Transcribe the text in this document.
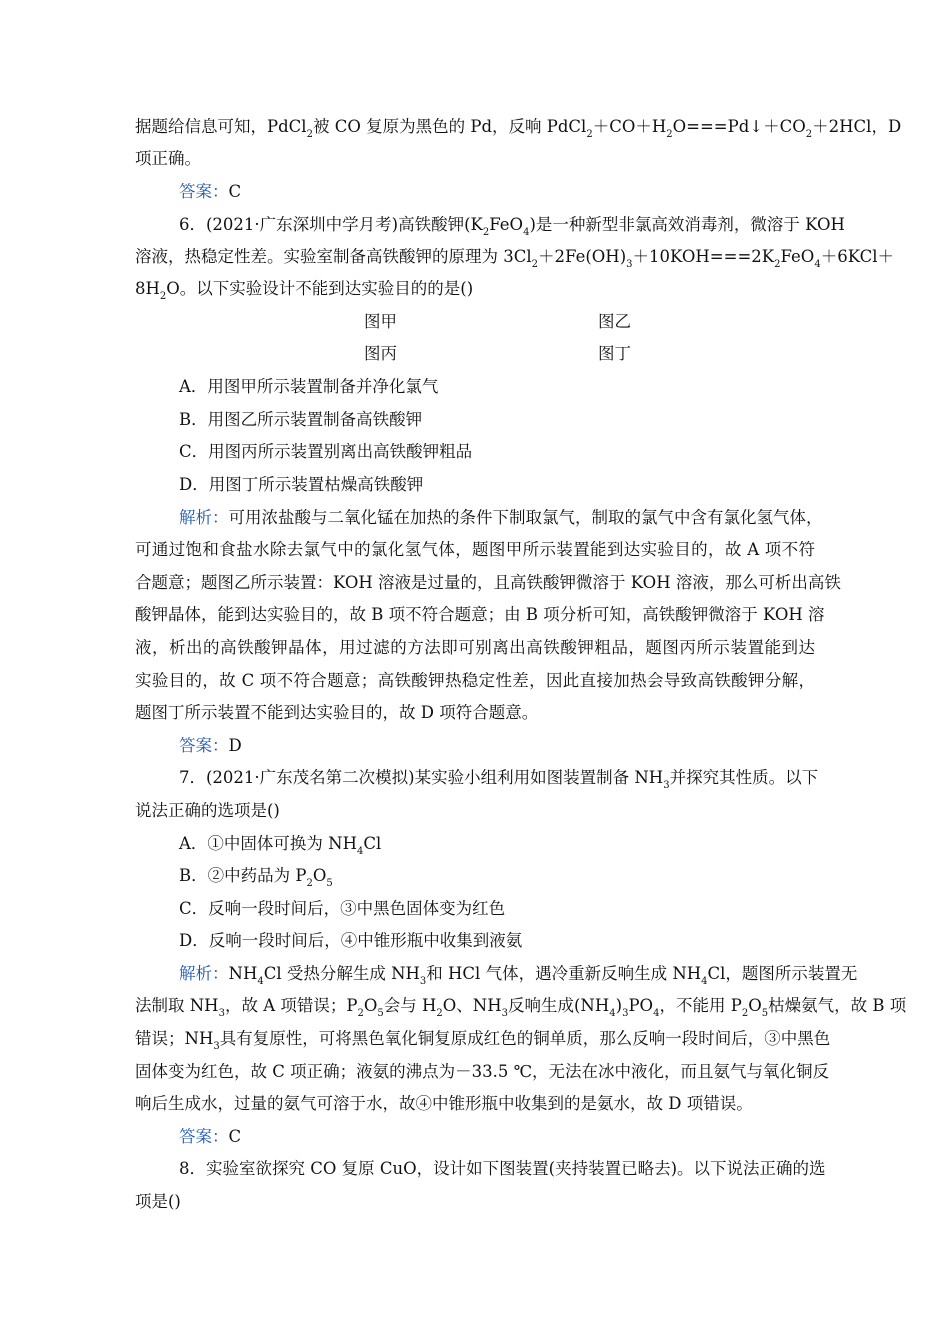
据题给信息可知，PdCl$_2$被 CO 复原为黑色的 Pd，反响 $PdCl_2+CO+H_2O===Pd↓+CO_2+2HCl$，D
项正确。
答案：C
6．(2021·广东深圳中学月考)高铁酸钾$(K_2FeO_4)$是一种新型非氯高效消毒剂，微溶于 KOH
溶液，热稳定性差。实验室制备高铁酸钾的原理为 $3Cl_2+2Fe(OH)_3+10KOH===2K_2FeO_4+6KCl+$
$8H_2O$。以下实验设计不能到达实验目的的是()
图甲	图乙
图丙	图丁
A．用图甲所示装置制备并净化氯气
B．用图乙所示装置制备高铁酸钾
C．用图丙所示装置别离出高铁酸钾粗品
D．用图丁所示装置枯燥高铁酸钾
解析：可用浓盐酸与二氧化锰在加热的条件下制取氯气，制取的氯气中含有氯化氢气体，
可通过饱和食盐水除去氯气中的氯化氢气体，题图甲所示装置能到达实验目的，故 A 项不符
合题意；题图乙所示装置：KOH 溶液是过量的，且高铁酸钾微溶于 KOH 溶液，那么可析出高铁
酸钾晶体，能到达实验目的，故 B 项不符合题意；由 B 项分析可知，高铁酸钾微溶于 KOH 溶
液，析出的高铁酸钾晶体，用过滤的方法即可别离出高铁酸钾粗品，题图丙所示装置能到达
实验目的，故 C 项不符合题意；高铁酸钾热稳定性差，因此直接加热会导致高铁酸钾分解，
题图丁所示装置不能到达实验目的，故 D 项符合题意。
答案：D
7．(2021·广东茂名第二次模拟)某实验小组利用如图装置制备 $NH_3$并探究其性质。以下
说法正确的选项是()
A．①中固体可换为 $NH_4Cl$
B．②中药品为 $P_2O_5$
C．反响一段时间后，③中黑色固体变为红色
D．反响一段时间后，④中锥形瓶中收集到液氨
解析：$NH_4Cl$ 受热分解生成 $NH_3$和 HCl 气体，遇冷重新反响生成 $NH_4Cl$，题图所示装置无
法制取 $NH_3$，故 A 项错误；$P_2O_5$会与 $H_2O$、$NH_3$反响生成$(NH_4)_3PO_4$，不能用 $P_2O_5$枯燥氨气，故 B 项
错误；$NH_3$具有复原性，可将黑色氧化铜复原成红色的铜单质，那么反响一段时间后，③中黑色
固体变为红色，故 C 项正确；液氨的沸点为－33.5 ℃，无法在冰中液化，而且氨气与氧化铜反
响后生成水，过量的氨气可溶于水，故④中锥形瓶中收集到的是氨水，故 D 项错误。
答案：C
8．实验室欲探究 CO 复原 CuO，设计如下图装置(夹持装置已略去)。以下说法正确的选
项是()
